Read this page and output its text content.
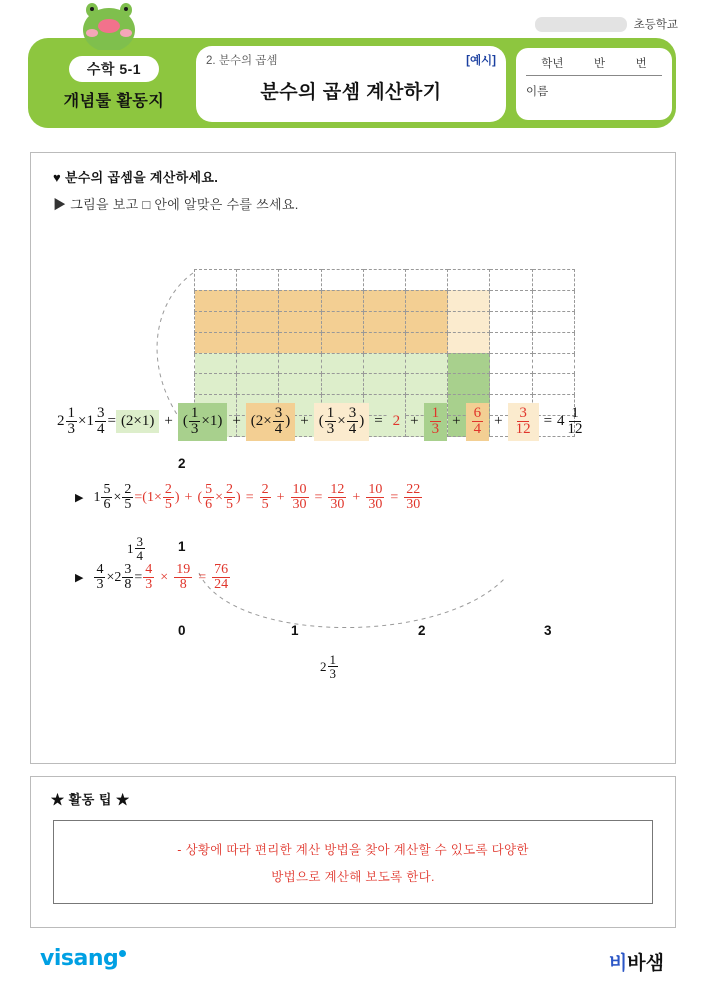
초등학교
수학 5-1
개념툴 활동지
2. 분수의 곱셈	[예시]
분수의 곱셈 계산하기
학년	반	번
이름
♥ 분수의 곱셈을 계산하세요.
▶ 그림을 보고 □ 안에 알맞은 수를 쓰세요.

2
1
0	1	2	3
$1 \frac{3}{4}$
$2 \frac{1}{3}$
$2 \frac{1}{3} \times 1 \frac{3}{4} = (2\times 1)$ + ( $\frac{1}{3} \times 1$ ) + ( $2\times \frac{3}{4}$ ) + ( $\frac{1}{3} \times \frac{3}{4}$ ) = $2 + \frac{1}{3} + \frac{6}{4} + \frac{3}{12} = 4 \frac{1}{12}$
▶ $1 \frac{5}{6} \times \frac{2}{5} = (1 \times \frac{2}{5}$ ) + ( $\frac{5}{6} \times \frac{2}{5}$ ) = $\frac{2}{5} + \frac{10}{30} = \frac{12}{30} + \frac{10}{30} = \frac{22}{30}$
▶ $\frac{4}{3} \times 2 \frac{3}{8} = \frac{4}{3} \times \frac{19}{8} = \frac{76}{24}$
★ 활동 팁 ★
- 상황에 따라 편리한 계산 방법을 찾아 계산할 수 있도록 다양한
방법으로 계산해 보도록 한다.
visang	비바샘
